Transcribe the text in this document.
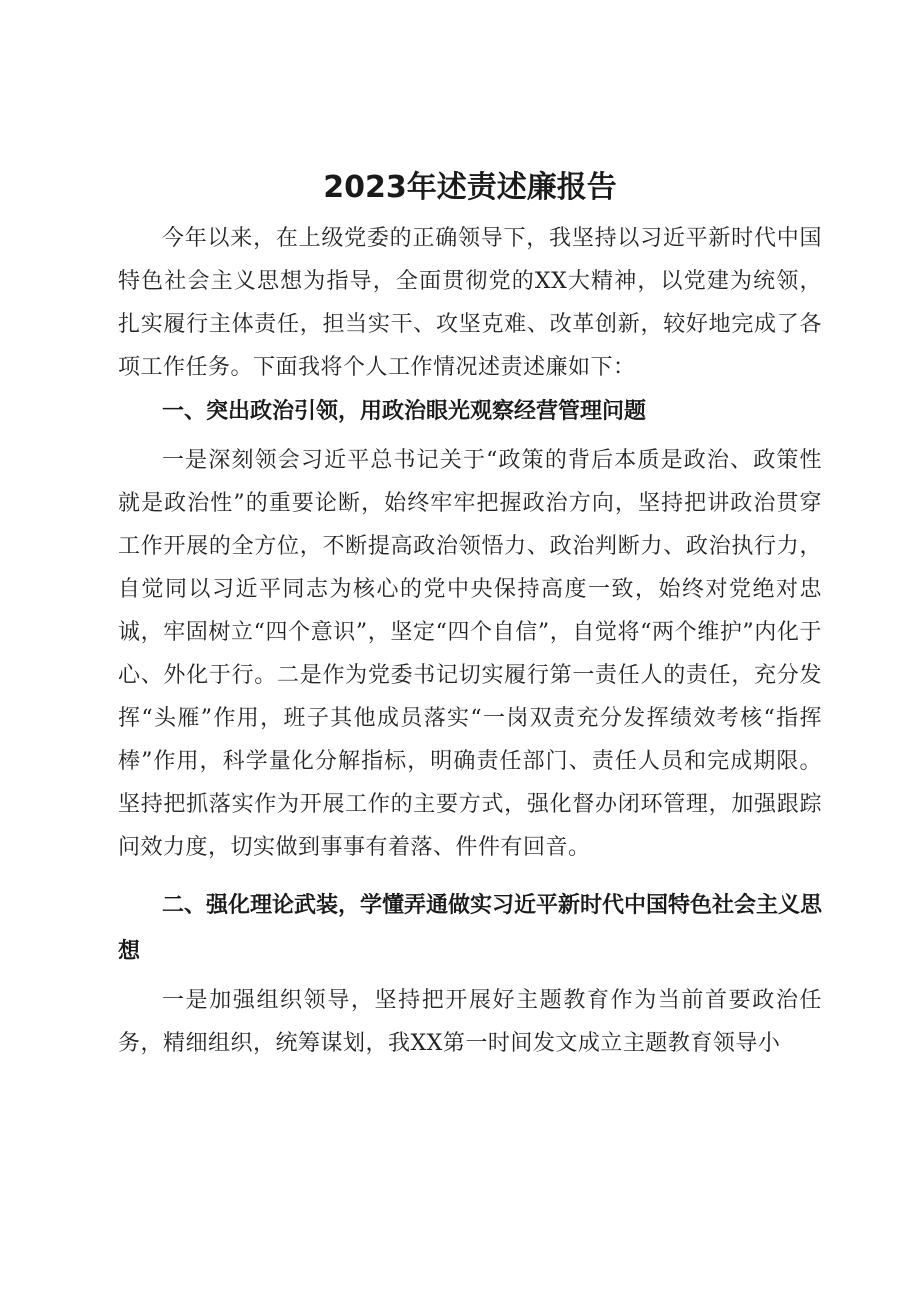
2023年述责述廉报告

今年以来，在上级党委的正确领导下，我坚持以习近平新时代中国特色社会主义思想为指导，全面贯彻党的XX大精神，以党建为统领，扎实履行主体责任，担当实干、攻坚克难、改革创新，较好地完成了各项工作任务。下面我将个人工作情况述责述廉如下：

一、突出政治引领，用政治眼光观察经营管理问题

一是深刻领会习近平总书记关于“政策的背后本质是政治、政策性就是政治性”的重要论断，始终牢牢把握政治方向，坚持把讲政治贯穿工作开展的全方位，不断提高政治领悟力、政治判断力、政治执行力，自觉同以习近平同志为核心的党中央保持高度一致，始终对党绝对忠诚，牢固树立“四个意识”，坚定“四个自信”，自觉将“两个维护”内化于心、外化于行。二是作为党委书记切实履行第一责任人的责任，充分发挥“头雁”作用，班子其他成员落实“一岗双责充分发挥绩效考核“指挥棒”作用，科学量化分解指标，明确责任部门、责任人员和完成期限。坚持把抓落实作为开展工作的主要方式，强化督办闭环管理，加强跟踪问效力度，切实做到事事有着落、件件有回音。

二、强化理论武装，学懂弄通做实习近平新时代中国特色社会主义思想

一是加强组织领导，坚持把开展好主题教育作为当前首要政治任务，精细组织，统筹谋划，我XX第一时间发文成立主题教育领导小
